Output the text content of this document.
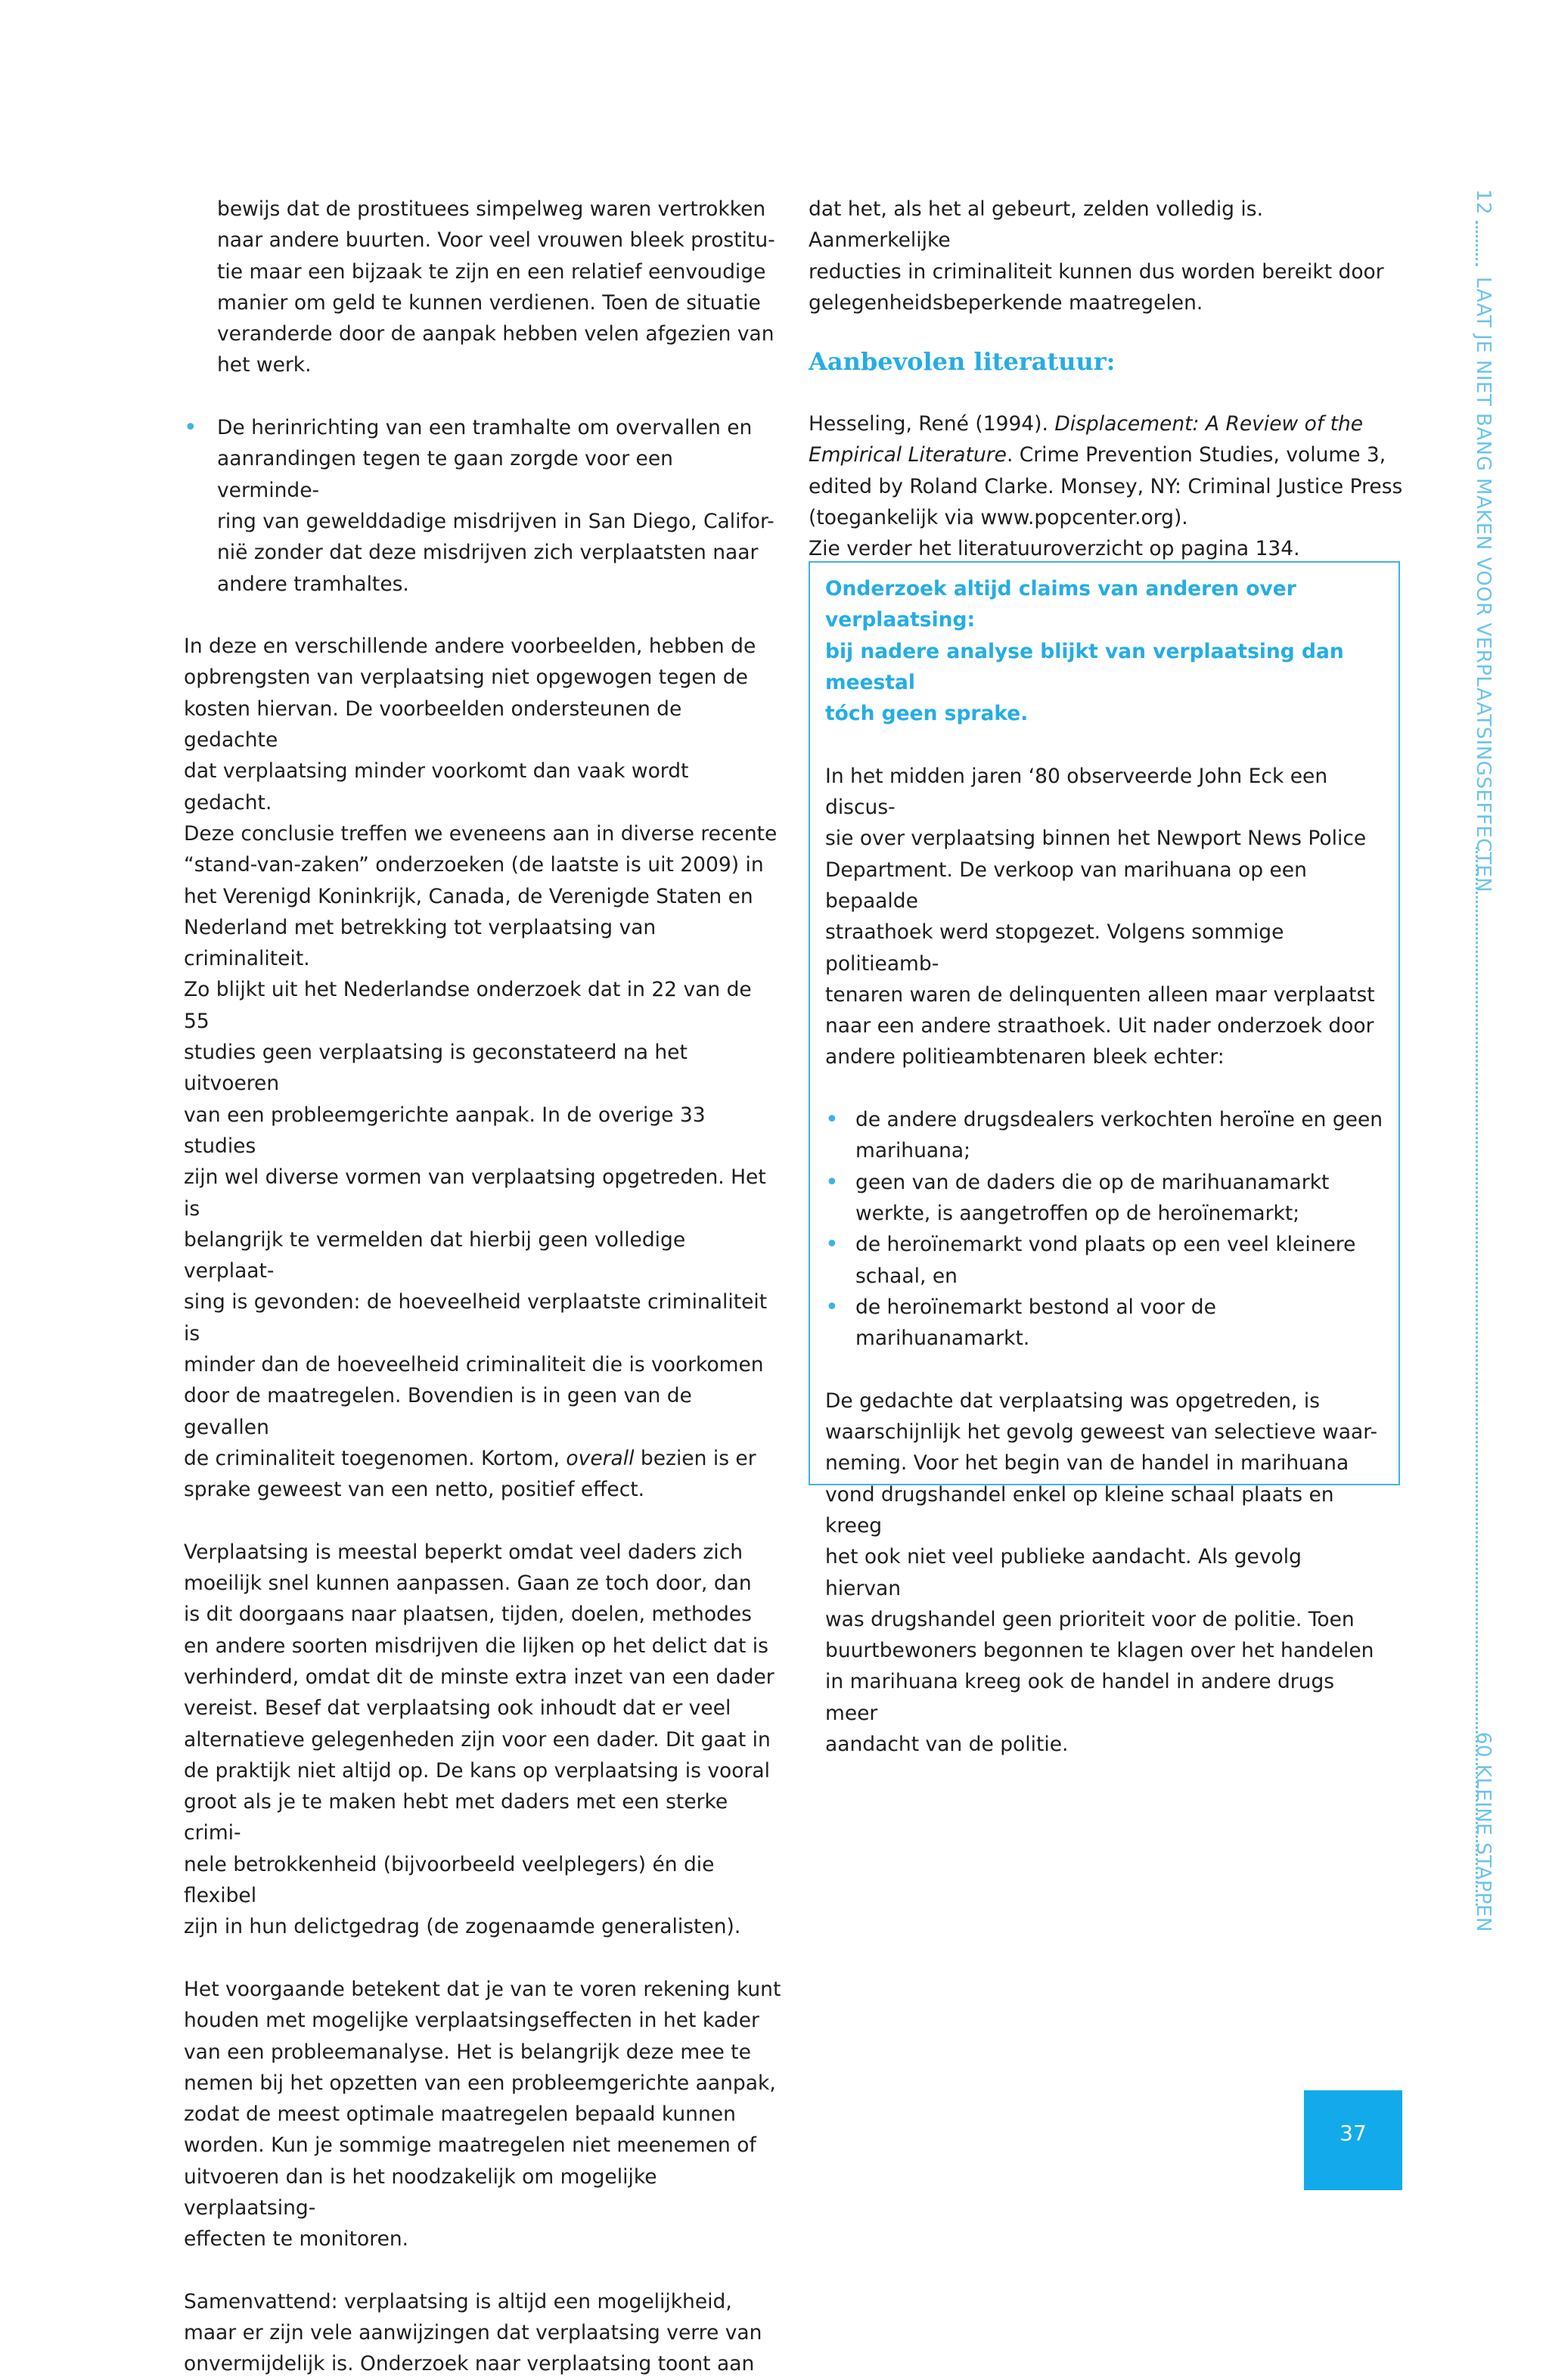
bewijs dat de prostituees simpelweg waren vertrokken
naar andere buurten. Voor veel vrouwen bleek prostitu-
tie maar een bijzaak te zijn en een relatief eenvoudige
manier om geld te kunnen verdienen. Toen de situatie
veranderde door de aanpak hebben velen afgezien van
het werk.

• De herinrichting van een tramhalte om overvallen en
aanrandingen tegen te gaan zorgde voor een verminde-
ring van gewelddadige misdrijven in San Diego, Califor-
nië zonder dat deze misdrijven zich verplaatsten naar
andere tramhaltes.

In deze en verschillende andere voorbeelden, hebben de
opbrengsten van verplaatsing niet opgewogen tegen de
kosten hiervan. De voorbeelden ondersteunen de gedachte
dat verplaatsing minder voorkomt dan vaak wordt gedacht.
Deze conclusie treffen we eveneens aan in diverse recente
“stand-van-zaken” onderzoeken (de laatste is uit 2009) in
het Verenigd Koninkrijk, Canada, de Verenigde Staten en
Nederland met betrekking tot verplaatsing van criminaliteit.
Zo blijkt uit het Nederlandse onderzoek dat in 22 van de 55
studies geen verplaatsing is geconstateerd na het uitvoeren
van een probleemgerichte aanpak. In de overige 33 studies
zijn wel diverse vormen van verplaatsing opgetreden. Het is
belangrijk te vermelden dat hierbij geen volledige verplaat-
sing is gevonden: de hoeveelheid verplaatste criminaliteit is
minder dan de hoeveelheid criminaliteit die is voorkomen
door de maatregelen. Bovendien is in geen van de gevallen
de criminaliteit toegenomen. Kortom, overall bezien is er
sprake geweest van een netto, positief effect.

Verplaatsing is meestal beperkt omdat veel daders zich
moeilijk snel kunnen aanpassen. Gaan ze toch door, dan
is dit doorgaans naar plaatsen, tijden, doelen, methodes
en andere soorten misdrijven die lijken op het delict dat is
verhinderd, omdat dit de minste extra inzet van een dader
vereist. Besef dat verplaatsing ook inhoudt dat er veel
alternatieve gelegenheden zijn voor een dader. Dit gaat in
de praktijk niet altijd op. De kans op verplaatsing is vooral
groot als je te maken hebt met daders met een sterke crimi-
nele betrokkenheid (bijvoorbeeld veelplegers) én die flexibel
zijn in hun delictgedrag (de zogenaamde generalisten).

Het voorgaande betekent dat je van te voren rekening kunt
houden met mogelijke verplaatsingseffecten in het kader
van een probleemanalyse. Het is belangrijk deze mee te
nemen bij het opzetten van een probleemgerichte aanpak,
zodat de meest optimale maatregelen bepaald kunnen
worden. Kun je sommige maatregelen niet meenemen of
uitvoeren dan is het noodzakelijk om mogelijke verplaatsing-
effecten te monitoren.

Samenvattend: verplaatsing is altijd een mogelijkheid,
maar er zijn vele aanwijzingen dat verplaatsing verre van
onvermijdelijk is. Onderzoek naar verplaatsing toont aan

dat het, als het al gebeurt, zelden volledig is. Aanmerkelijke
reducties in criminaliteit kunnen dus worden bereikt door
gelegenheidsbeperkende maatregelen.

Aanbevolen literatuur:

Hesseling, René (1994). Displacement: A Review of the
Empirical Literature. Crime Prevention Studies, volume 3,
edited by Roland Clarke. Monsey, NY: Criminal Justice Press
(toegankelijk via www.popcenter.org).
Zie verder het literatuuroverzicht op pagina 134.

Onderzoek altijd claims van anderen over verplaatsing:
bij nadere analyse blijkt van verplaatsing dan meestal
tóch geen sprake.

In het midden jaren ‘80 observeerde John Eck een discus-
sie over verplaatsing binnen het Newport News Police
Department. De verkoop van marihuana op een bepaalde
straathoek werd stopgezet. Volgens sommige politieamb-
tenaren waren de delinquenten alleen maar verplaatst
naar een andere straathoek. Uit nader onderzoek door
andere politieambtenaren bleek echter:

• de andere drugsdealers verkochten heroïne en geen
marihuana;
• geen van de daders die op de marihuanamarkt
werkte, is aangetroffen op de heroïnemarkt;
• de heroïnemarkt vond plaats op een veel kleinere
schaal, en
• de heroïnemarkt bestond al voor de marihuanamarkt.

De gedachte dat verplaatsing was opgetreden, is
waarschijnlijk het gevolg geweest van selectieve waar-
neming. Voor het begin van de handel in marihuana
vond drugshandel enkel op kleine schaal plaats en kreeg
het ook niet veel publieke aandacht. Als gevolg hiervan
was drugshandel geen prioriteit voor de politie. Toen
buurtbewoners begonnen te klagen over het handelen
in marihuana kreeg ook de handel in andere drugs meer
aandacht van de politie.

12
LAAT JE NIET BANG MAKEN VOOR VERPLAATSINGSEFFECTEN
60 KLEINE STAPPEN
37
